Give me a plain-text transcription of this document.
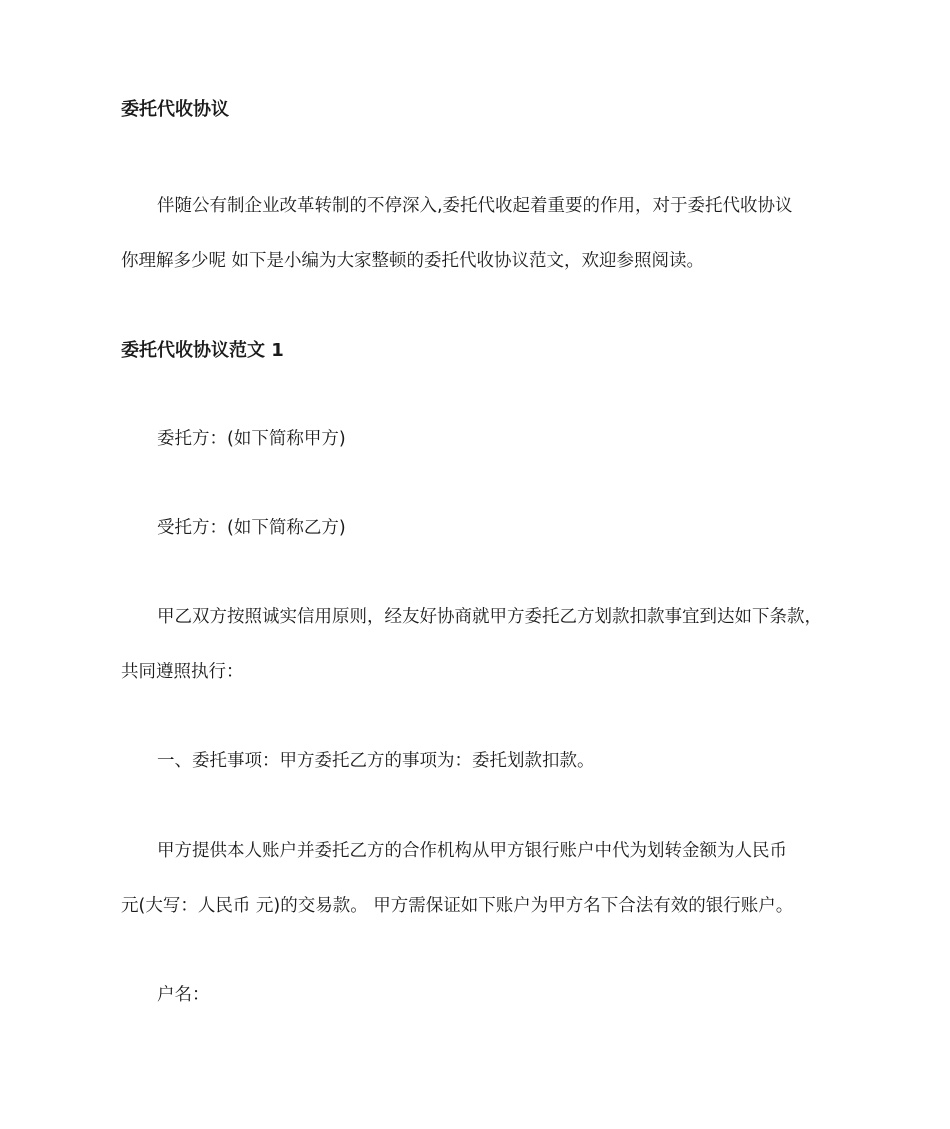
委托代收协议
伴随公有制企业改革转制的不停深入,委托代收起着重要的作用，对于委托代收协议
你理解多少呢 如下是小编为大家整顿的委托代收协议范文，欢迎参照阅读。
委托代收协议范文 1
委托方：(如下简称甲方)
受托方：(如下简称乙方)
甲乙双方按照诚实信用原则，经友好协商就甲方委托乙方划款扣款事宜到达如下条款，
共同遵照执行：
一、委托事项：甲方委托乙方的事项为：委托划款扣款。
甲方提供本人账户并委托乙方的合作机构从甲方银行账户中代为划转金额为人民币
元(大写：人民币 元)的交易款。 甲方需保证如下账户为甲方名下合法有效的银行账户。
户名：
